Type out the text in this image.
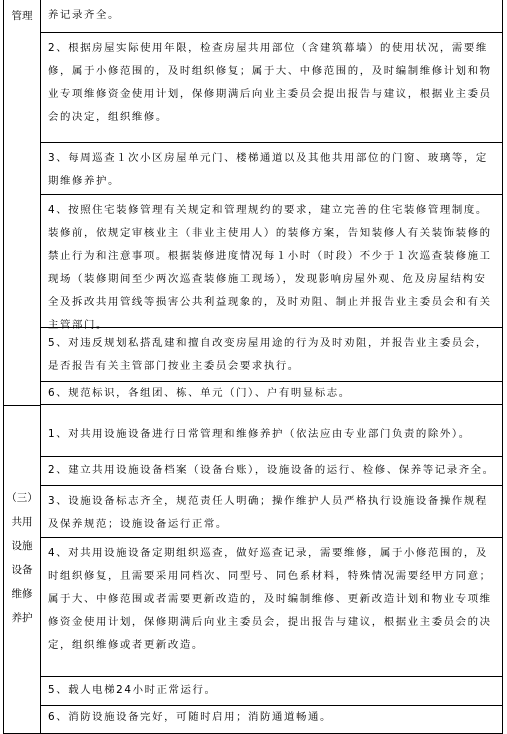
管理
（三）
共用
设施
设备
维修
养护
养记录齐全。
2、根据房屋实际使用年限，检查房屋共用部位（含建筑幕墙）的使用状况，需要维修，属于小修范围的，及时组织修复；属于大、中修范围的，及时编制维修计划和物业专项维修资金使用计划，保修期满后向业主委员会提出报告与建议，根据业主委员会的决定，组织维修。
3、每周巡查１次小区房屋单元门、楼梯通道以及其他共用部位的门窗、玻璃等，定期维修养护。
4、按照住宅装修管理有关规定和管理规约的要求，建立完善的住宅装修管理制度。装修前，依规定审核业主（非业主使用人）的装修方案，告知装修人有关装饰装修的禁止行为和注意事项。根据装修进度情况每１小时（时段）不少于１次巡查装修施工现场（装修期间至少两次巡查装修施工现场），发现影响房屋外观、危及房屋结构安全及拆改共用管线等损害公共利益现象的，及时劝阻、制止并报告业主委员会和有关主管部门。
5、对违反规划私搭乱建和擅自改变房屋用途的行为及时劝阻，并报告业主委员会，是否报告有关主管部门按业主委员会要求执行。
6、规范标识，各组团、栋、单元（门）、户有明显标志。
1、对共用设施设备进行日常管理和维修养护（依法应由专业部门负责的除外）。
2、建立共用设施设备档案（设备台账），设施设备的运行、检修、保养等记录齐全。
3、设施设备标志齐全，规范责任人明确；操作维护人员严格执行设施设备操作规程及保养规范；设施设备运行正常。
4、对共用设施设备定期组织巡查，做好巡查记录，需要维修，属于小修范围的，及时组织修复，且需要采用同档次、同型号、同色系材料，特殊情况需要经甲方同意；属于大、中修范围或者需要更新改造的，及时编制维修、更新改造计划和物业专项维修资金使用计划，保修期满后向业主委员会，提出报告与建议，根据业主委员会的决定，组织维修或者更新改造。
5、载人电梯24小时正常运行。
6、消防设施设备完好，可随时启用；消防通道畅通。
